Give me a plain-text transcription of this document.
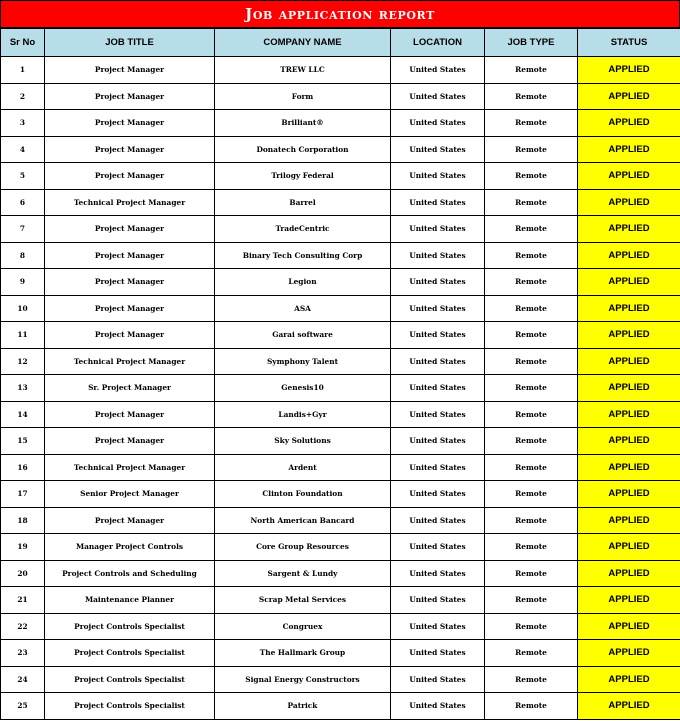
Job application report
Sr No	JOB TITLE	COMPANY NAME	LOCATION	JOB TYPE	STATUS
1	Project Manager	TREW LLC	United States	Remote	APPLIED
2	Project Manager	Form	United States	Remote	APPLIED
3	Project Manager	Brilliant®	United States	Remote	APPLIED
4	Project Manager	Donatech Corporation	United States	Remote	APPLIED
5	Project Manager	Trilogy Federal	United States	Remote	APPLIED
6	Technical Project Manager	Barrel	United States	Remote	APPLIED
7	Project Manager	TradeCentric	United States	Remote	APPLIED
8	Project Manager	Binary Tech Consulting Corp	United States	Remote	APPLIED
9	Project Manager	Legion	United States	Remote	APPLIED
10	Project Manager	ASA	United States	Remote	APPLIED
11	Project Manager	Garai software	United States	Remote	APPLIED
12	Technical Project Manager	Symphony Talent	United States	Remote	APPLIED
13	Sr. Project Manager	Genesis10	United States	Remote	APPLIED
14	Project Manager	Landis+Gyr	United States	Remote	APPLIED
15	Project Manager	Sky Solutions	United States	Remote	APPLIED
16	Technical Project Manager	Ardent	United States	Remote	APPLIED
17	Senior Project Manager	Clinton Foundation	United States	Remote	APPLIED
18	Project Manager	North American Bancard	United States	Remote	APPLIED
19	Manager Project Controls	Core Group Resources	United States	Remote	APPLIED
20	Project Controls and Scheduling	Sargent & Lundy	United States	Remote	APPLIED
21	Maintenance Planner	Scrap Metal Services	United States	Remote	APPLIED
22	Project Controls Specialist	Congruex	United States	Remote	APPLIED
23	Project Controls Specialist	The Hallmark Group	United States	Remote	APPLIED
24	Project Controls Specialist	Signal Energy Constructors	United States	Remote	APPLIED
25	Project Controls Specialist	Patrick	United States	Remote	APPLIED
